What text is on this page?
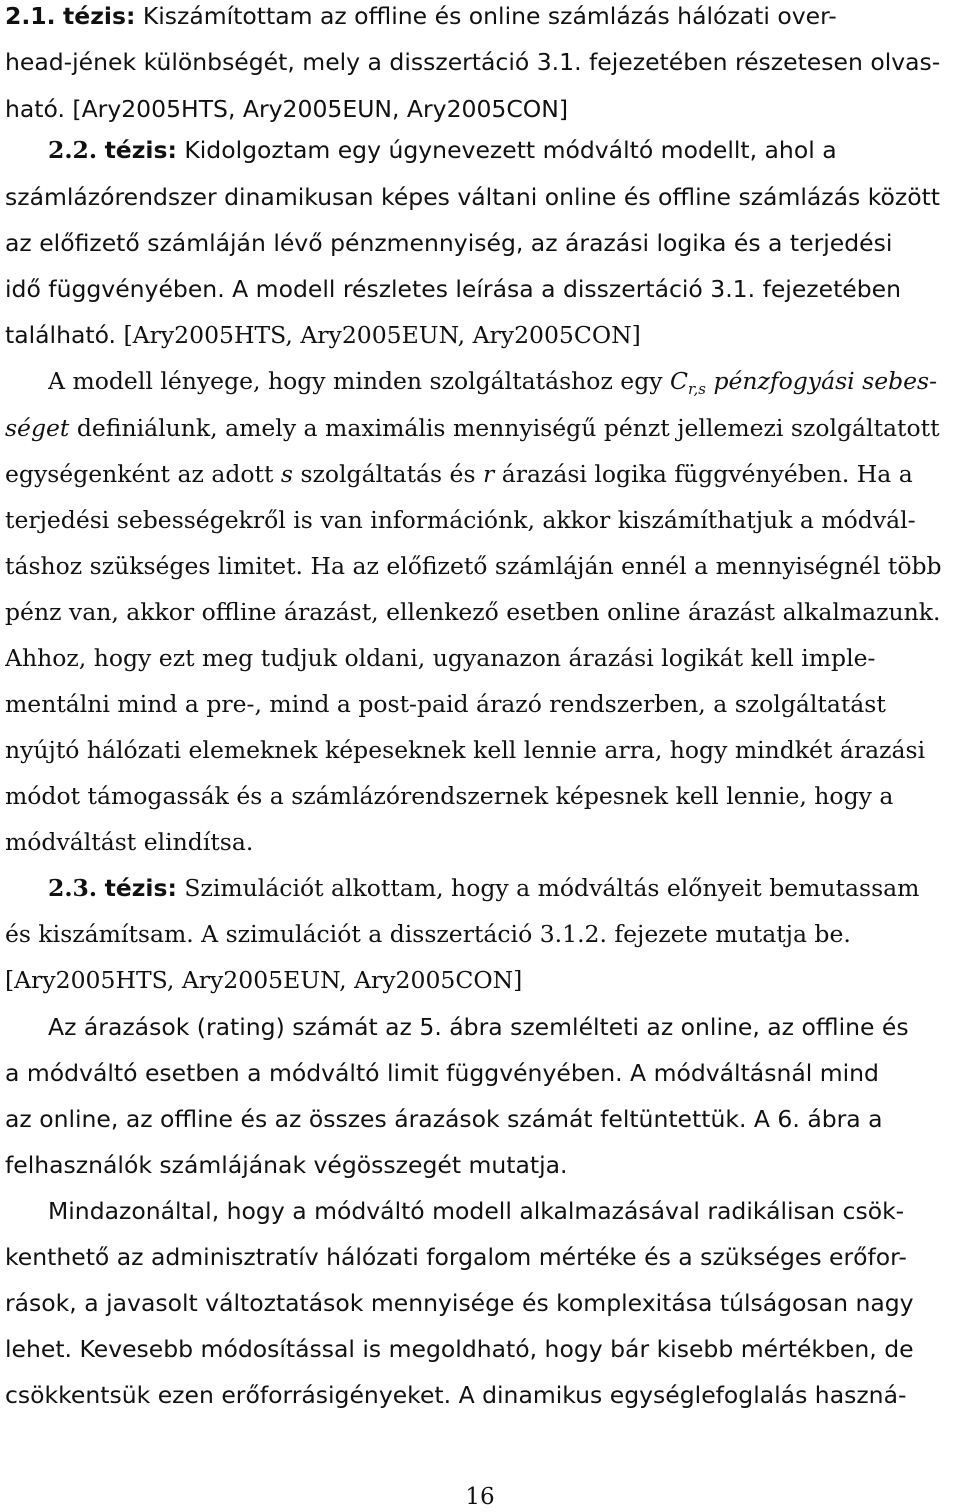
2.1. tézis: Kiszámítottam az offline és online számlázás hálózati over-
head-jének különbségét, mely a disszertáció 3.1. fejezetében részetesen olvas-
ható. [Ary2005HTS, Ary2005EUN, Ary2005CON]
2.2. tézis: Kidolgoztam egy úgynevezett módváltó modellt, ahol a
számlázórendszer dinamikusan képes váltani online és offline számlázás között
az előfizető számláján lévő pénzmennyiség, az árazási logika és a terjedési
idő függvényében. A modell részletes leírása a disszertáció 3.1. fejezetében
található. [Ary2005HTS, Ary2005EUN, Ary2005CON]
A modell lényege, hogy minden szolgáltatáshoz egy $C_{r,s}$ pénzfogyási sebes-
séget definiálunk, amely a maximális mennyiségű pénzt jellemezi szolgáltatott
egységenként az adott s szolgáltatás és r árazási logika függvényében. Ha a
terjedési sebességekről is van információnk, akkor kiszámíthatjuk a módvál-
táshoz szükséges limitet. Ha az előfizető számláján ennél a mennyiségnél több
pénz van, akkor offline árazást, ellenkező esetben online árazást alkalmazunk.
Ahhoz, hogy ezt meg tudjuk oldani, ugyanazon árazási logikát kell imple-
mentálni mind a pre-, mind a post-paid árazó rendszerben, a szolgáltatást
nyújtó hálózati elemeknek képeseknek kell lennie arra, hogy mindkét árazási
módot támogassák és a számlázórendszernek képesnek kell lennie, hogy a
módváltást elindítsa.
2.3. tézis: Szimulációt alkottam, hogy a módváltás előnyeit bemutassam
és kiszámítsam. A szimulációt a disszertáció 3.1.2. fejezete mutatja be.
[Ary2005HTS, Ary2005EUN, Ary2005CON]
Az árazások (rating) számát az 5. ábra szemlélteti az online, az offline és
a módváltó esetben a módváltó limit függvényében. A módváltásnál mind
az online, az offline és az összes árazások számát feltüntettük. A 6. ábra a
felhasználók számlájának végösszegét mutatja.
Mindazonáltal, hogy a módváltó modell alkalmazásával radikálisan csök-
kenthető az adminisztratív hálózati forgalom mértéke és a szükséges erőfor-
rások, a javasolt változtatások mennyisége és komplexitása túlságosan nagy
lehet. Kevesebb módosítással is megoldható, hogy bár kisebb mértékben, de
csökkentsük ezen erőforrásigényeket. A dinamikus egységlefoglalás haszná-
16
